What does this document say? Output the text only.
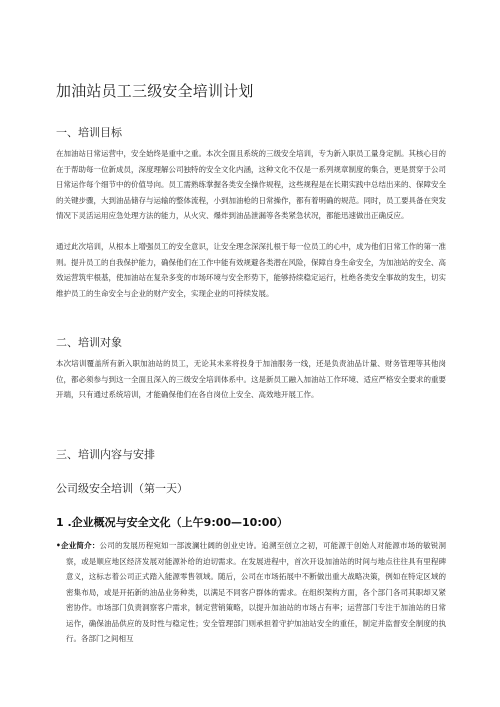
加油站员工三级安全培训计划
一、培训目标

在加油站日常运营中，安全始终是重中之重。本次全面且系统的三级安全培训，专为新入职员工量身定制。其核心目的在于帮助每一位新成员，深度理解公司独特的安全文化内涵，这种文化不仅是一系列规章制度的集合，更是贯穿于公司日常运作每个细节中的价值导向。员工需熟练掌握各类安全操作规程，这些规程是在长期实践中总结出来的、保障安全的关键步骤，大到油品储存与运输的整体流程，小到加油枪的日常操作，都有着明确的规范。同时，员工要具备在突发情况下灵活运用应急处理方法的能力，从火灾、爆炸到油品泄漏等各类紧急状况，都能迅速做出正确反应。

通过此次培训，从根本上增强员工的安全意识，让安全理念深深扎根于每一位员工的心中，成为他们日常工作的第一准则。提升员工的自我保护能力，确保他们在工作中能有效规避各类潜在风险，保障自身生命安全，为加油站的安全、高效运营筑牢根基，使加油站在复杂多变的市场环境与安全形势下，能够持续稳定运行，杜绝各类安全事故的发生，切实维护员工的生命安全与企业的财产安全，实现企业的可持续发展。

二、培训对象

本次培训覆盖所有新入职加油站的员工，无论其未来将投身于加油服务一线，还是负责油品计量、财务管理等其他岗位，都必须参与到这一全面且深入的三级安全培训体系中。这是新员工融入加油站工作环境、适应严格安全要求的重要开端，只有通过系统培训，才能确保他们在各自岗位上安全、高效地开展工作。

三、培训内容与安排
公司级安全培训（第一天）
1 .企业概况与安全文化（上午9:00—10:00）

•企业简介：公司的发展历程宛如一部波澜壮阔的创业史诗。追溯至创立之初，可能源于创始人对能源市场的敏锐洞察，或是顺应地区经济发展对能源补给的迫切需求。在发展进程中，首次开设加油站的时间与地点往往具有里程碑意义，这标志着公司正式踏入能源零售领域。随后，公司在市场拓展中不断做出重大战略决策，例如在特定区域的密集布局，或是开拓新的油品业务种类，以满足不同客户群体的需求。在组织架构方面，各个部门各司其职却又紧密协作。市场部门负责洞察客户需求，制定营销策略，以提升加油站的市场占有率；运营部门专注于加油站的日常运作，确保油品供应的及时性与稳定性；安全管理部门则承担着守护加油站安全的重任，制定并监督安全制度的执行。各部门之间相互
